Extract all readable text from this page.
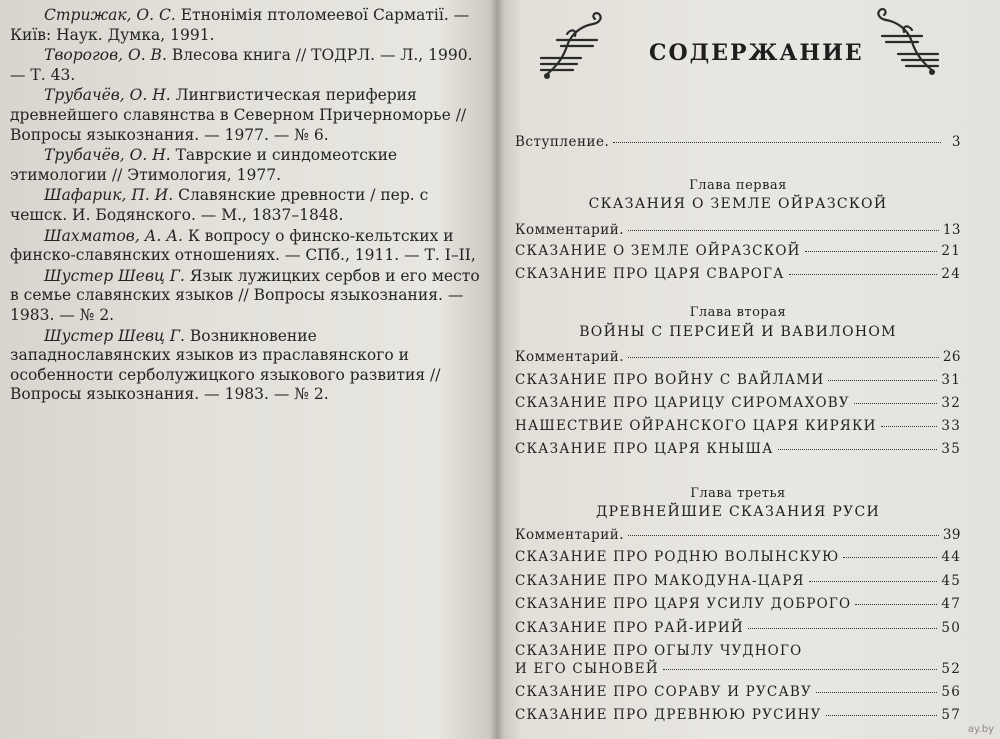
Стрижак, О. С. Етнонімія птоломеевої Сарматії. — Київ: Наук. Думка, 1991.

Творогов, О. В. Влесова книга // ТОДРЛ. — Л., 1990. — Т. 43.

Трубачёв, О. Н. Лингвистическая периферия древнейшего славянства в Северном Причерноморье // Вопросы языкознания. — 1977. — № 6.

Трубачёв, О. Н. Таврские и синдомеотские этимологии // Этимология, 1977.

Шафарик, П. И. Славянские древности / пер. с чешск. И. Бодянского. — М., 1837–1848.

Шахматов, А. А. К вопросу о финско-кельтских и финско-славянских отношениях. — СПб., 1911. — Т. I–II,

Шустер Шевц Г. Язык лужицких сербов и его место в семье славянских языков // Вопросы языкознания. — 1983. — № 2.

Шустер Шевц Г. Возникновение западнославянских языков из праславянского и особенности серболужицкого языкового развития // Вопросы языкознания. — 1983. — № 2.

СОДЕРЖАНИЕ
Вступление.	3
Глава первая
СКАЗАНИЯ О ЗЕМЛЕ ОЙРАЗСКОЙ
Комментарий.	13
СКАЗАНИЕ О ЗЕМЛЕ ОЙРАЗСКОЙ	21
СКАЗАНИЕ ПРО ЦАРЯ СВАРОГА	24
Глава вторая
ВОЙНЫ С ПЕРСИЕЙ И ВАВИЛОНОМ
Комментарий.	26
СКАЗАНИЕ ПРО ВОЙНУ С ВАЙЛАМИ	31
СКАЗАНИЕ ПРО ЦАРИЦУ СИРОМАХОВУ	32
НАШЕСТВИЕ ОЙРАНСКОГО ЦАРЯ КИРЯКИ	33
СКАЗАНИЕ ПРО ЦАРЯ КНЫША	35
Глава третья
ДРЕВНЕЙШИЕ СКАЗАНИЯ РУСИ
Комментарий.	39
СКАЗАНИЕ ПРО РОДНЮ ВОЛЫНСКУЮ	44
СКАЗАНИЕ ПРО МАКОДУНА-ЦАРЯ	45
СКАЗАНИЕ ПРО ЦАРЯ УСИЛУ ДОБРОГО	47
СКАЗАНИЕ ПРО РАЙ-ИРИЙ	50
СКАЗАНИЕ ПРО ОГЫЛУ ЧУДНОГО
И ЕГО СЫНОВЕЙ	52
СКАЗАНИЕ ПРО СОРАВУ И РУСАВУ	56
СКАЗАНИЕ ПРО ДРЕВНЮЮ РУСИНУ	57
ay.by
